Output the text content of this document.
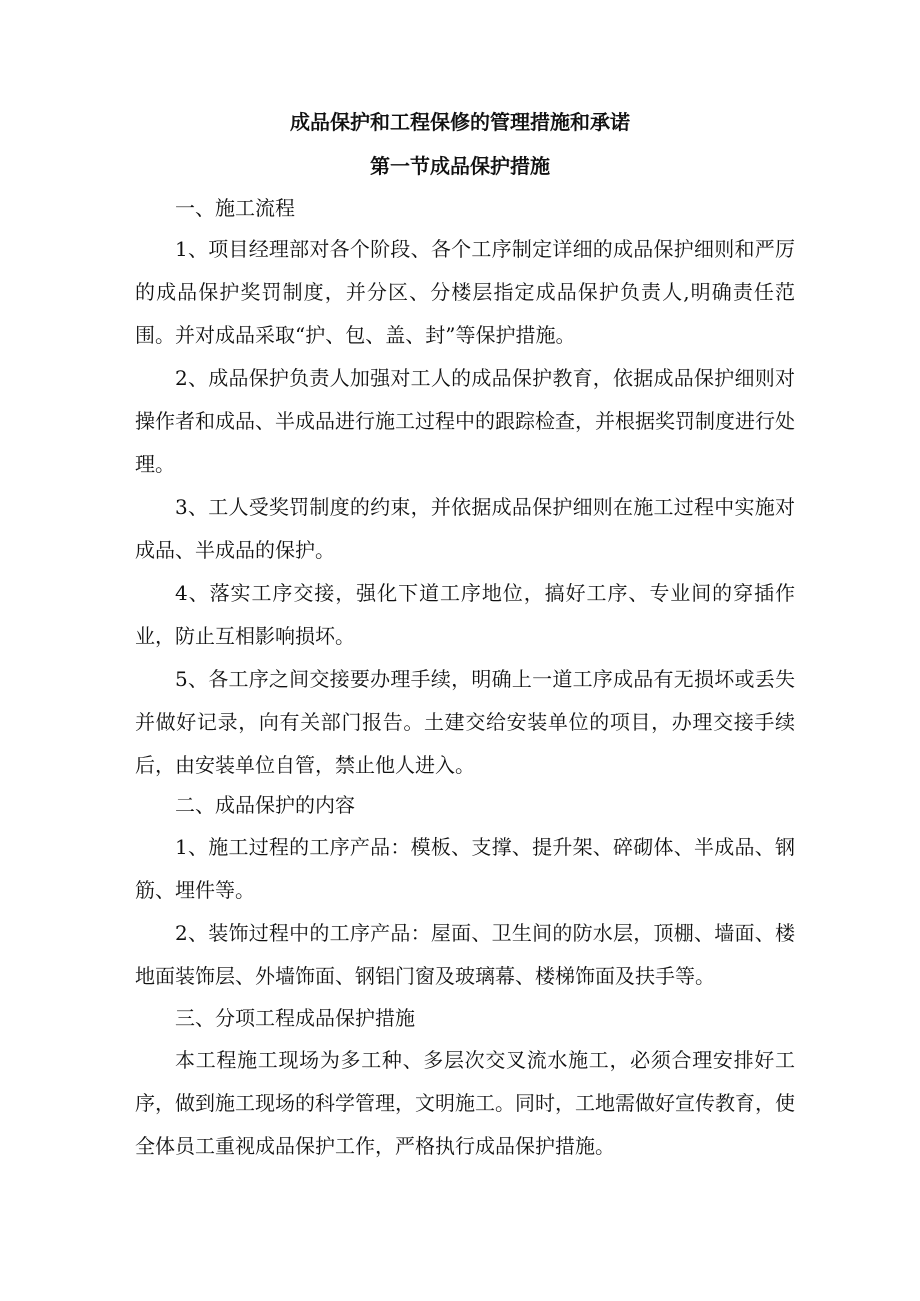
成品保护和工程保修的管理措施和承诺
第一节成品保护措施

一、施工流程

1、项目经理部对各个阶段、各个工序制定详细的成品保护细则和严厉的成品保护奖罚制度，并分区、分楼层指定成品保护负责人,明确责任范围。并对成品采取“护、包、盖、封”等保护措施。

2、成品保护负责人加强对工人的成品保护教育，依据成品保护细则对操作者和成品、半成品进行施工过程中的跟踪检查，并根据奖罚制度进行处理。

3、工人受奖罚制度的约束，并依据成品保护细则在施工过程中实施对成品、半成品的保护。

4、落实工序交接，强化下道工序地位，搞好工序、专业间的穿插作业，防止互相影响损坏。

5、各工序之间交接要办理手续，明确上一道工序成品有无损坏或丢失并做好记录，向有关部门报告。土建交给安装单位的项目，办理交接手续后，由安装单位自管，禁止他人进入。

二、成品保护的内容

1、施工过程的工序产品：模板、支撑、提升架、碎砌体、半成品、钢筋、埋件等。

2、装饰过程中的工序产品：屋面、卫生间的防水层，顶棚、墙面、楼地面装饰层、外墙饰面、钢铝门窗及玻璃幕、楼梯饰面及扶手等。

三、分项工程成品保护措施

本工程施工现场为多工种、多层次交叉流水施工，必须合理安排好工序，做到施工现场的科学管理，文明施工。同时，工地需做好宣传教育，使全体员工重视成品保护工作，严格执行成品保护措施。
